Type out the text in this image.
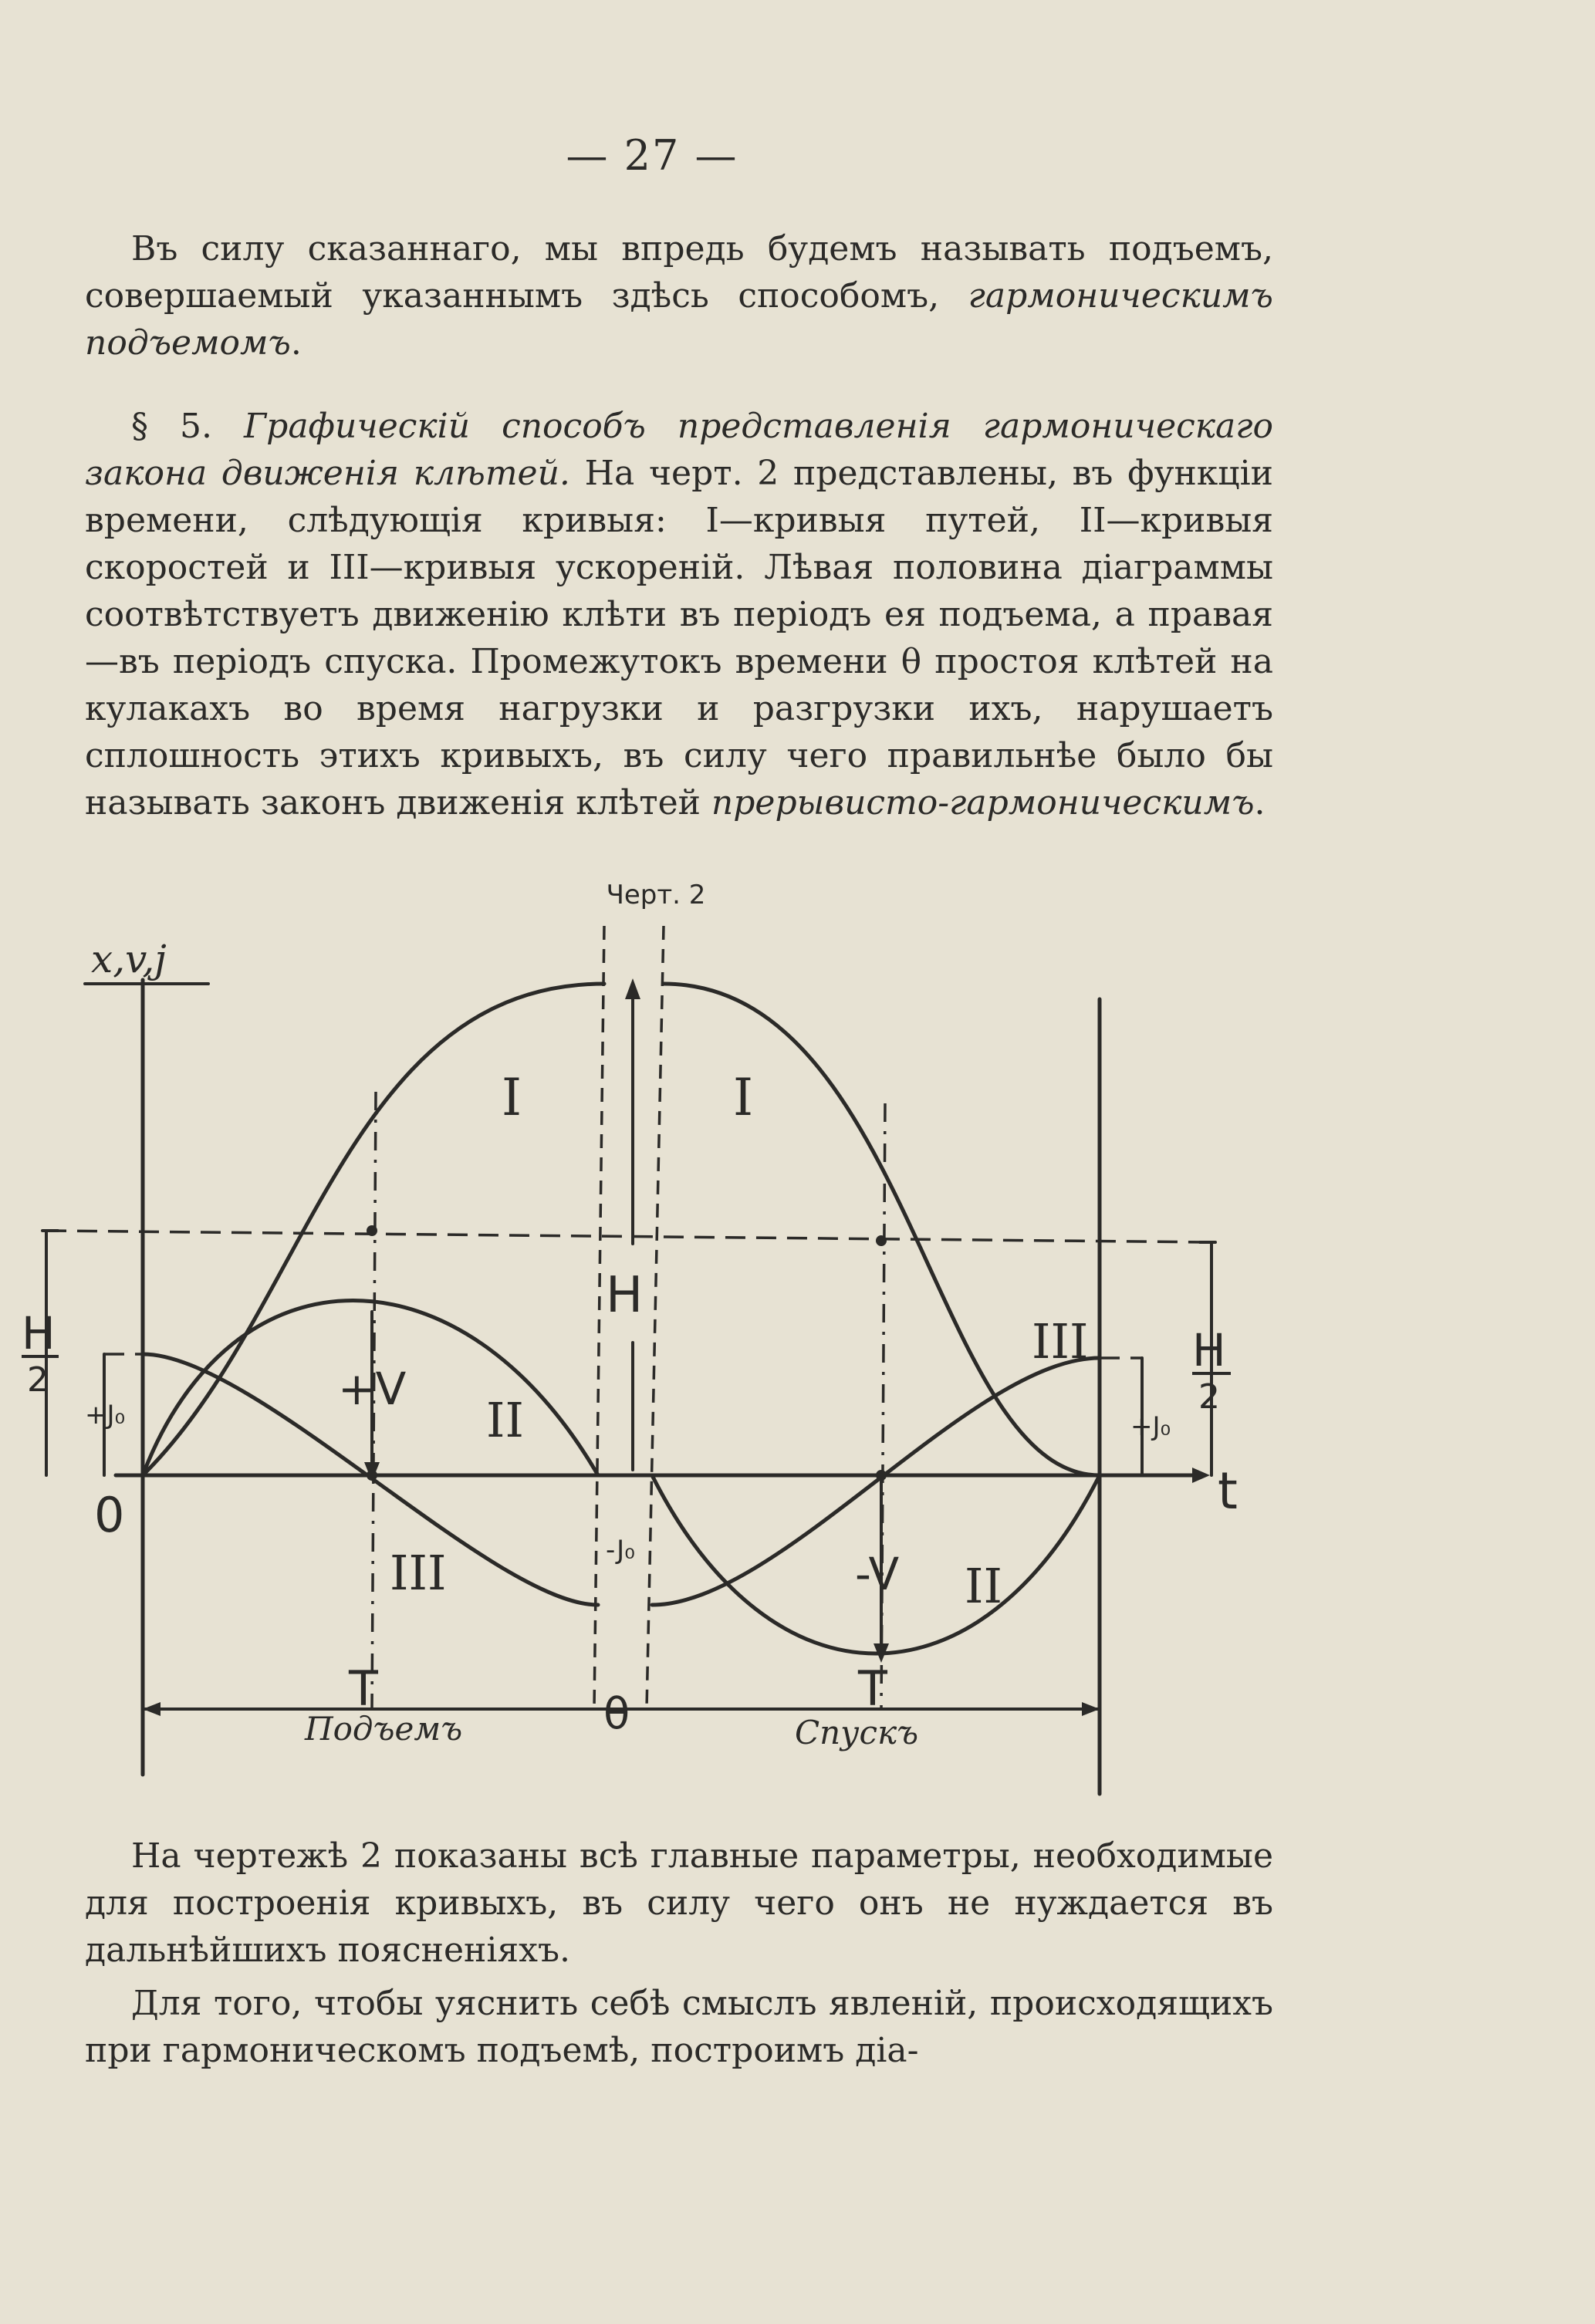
— 27 —

Въ силу сказаннаго, мы впредь будемъ называть подъемъ, совершаемый указаннымъ здѣсь способомъ, гармоническимъ подъемомъ.

§ 5. Графическій способъ представленія гармоническаго закона движенія клѣтей. На черт. 2 представлены, въ функціи времени, слѣдующія кривыя: I—кривыя путей, II—кривыя скоростей и III—кривыя ускореній. Лѣвая половина діаграммы соотвѣтствуетъ движенію клѣти въ періодъ ея подъема, а правая—въ періодъ спуска. Промежутокъ времени θ простоя клѣтей на кулакахъ во время нагрузки и разгрузки ихъ, нарушаетъ сплошность этихъ кривыхъ, въ силу чего правильнѣе было бы называть законъ движенія клѣтей прерывисто-гармоническимъ.

Черт. 2
x,v,j
t
0
I	I
II
II
III
III
+V
-V
+J₀	+J₀
-J₀
H
H
2
H
2
T	T
θ
Подъемъ	Спускъ

На чертежѣ 2 показаны всѣ главные параметры, необходимые для построенія кривыхъ, въ силу чего онъ не нуждается въ дальнѣйшихъ поясненіяхъ.

Для того, чтобы уяснить себѣ смыслъ явленій, происходящихъ при гармоническомъ подъемѣ, построимъ діа-
